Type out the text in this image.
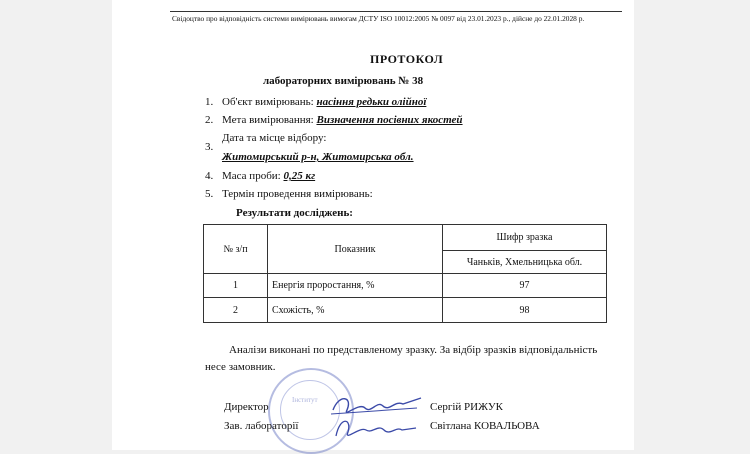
Свідоцтво про відповідність системи вимірювань вимогам ДСТУ ISO 10012:2005 № 0097 від 23.01.2023 р., дійсне до 22.01.2028 р.
ПРОТОКОЛ
лабораторних вимірювань № 38
1. Об'єкт вимірювань: насіння редьки олійної
2. Мета вимірювання: Визначення посівних якостей
Дата та місце відбору:
3.
Житомирський р-н, Житомирська обл.
4. Маса проби: 0,25 кг
5. Термін проведення вимірювань:
Результати досліджень:
№ з/п	Показник	Шифр зразка
		Чаньків, Хмельницька обл.
1	Енергія проростання, %	97
2	Схожість, %	98
Аналізи виконані по представленому зразку. За відбір зразків відповідальність
несе замовник.
Інститут
Директор	Сергій РИЖУК
Зав. лабораторії	Світлана КОВАЛЬОВА
